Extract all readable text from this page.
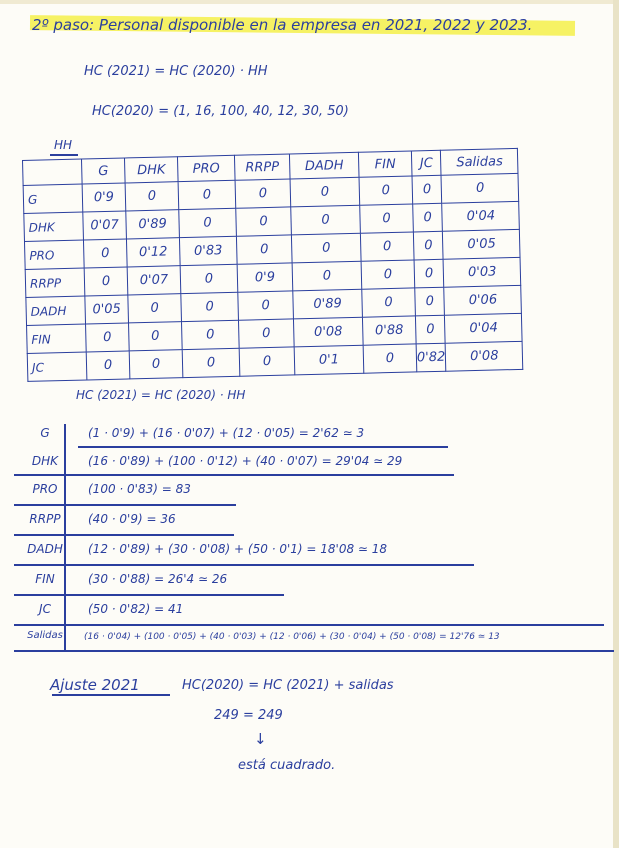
2º paso: Personal disponible en la empresa en 2021, 2022 y 2023.
HC (2021) = HC (2020) · HH
HC(2020) = (1, 16, 100, 40, 12, 30, 50)
HH
	G	DHK	PRO	RRPP	DADH	FIN	JC	Salidas
G	0'9	0	0	0	0	0	0	0
DHK	0'07	0'89	0	0	0	0	0	0'04
PRO	0	0'12	0'83	0	0	0	0	0'05
RRPP	0	0'07	0	0'9	0	0	0	0'03
DADH	0'05	0	0	0	0'89	0	0	0'06
FIN	0	0	0	0	0'08	0'88	0	0'04
JC	0	0	0	0	0'1	0	0'82	0'08
HC (2021) = HC (2020) · HH
G	(1 · 0'9) + (16 · 0'07) + (12 · 0'05) = 2'62 ≃ 3
DHK	(16 · 0'89) + (100 · 0'12) + (40 · 0'07) = 29'04 ≃ 29
PRO	(100 · 0'83) = 83
RRPP	(40 · 0'9) = 36
DADH	(12 · 0'89) + (30 · 0'08) + (50 · 0'1) = 18'08 ≃ 18
FIN	(30 · 0'88) = 26'4 ≃ 26
JC	(50 · 0'82) = 41
Salidas	(16 · 0'04) + (100 · 0'05) + (40 · 0'03) + (12 · 0'06) + (30 · 0'04) + (50 · 0'08) = 12'76 ≃ 13
Ajuste 2021	HC(2020) = HC (2021) + salidas
249 = 249
↓
está cuadrado.
